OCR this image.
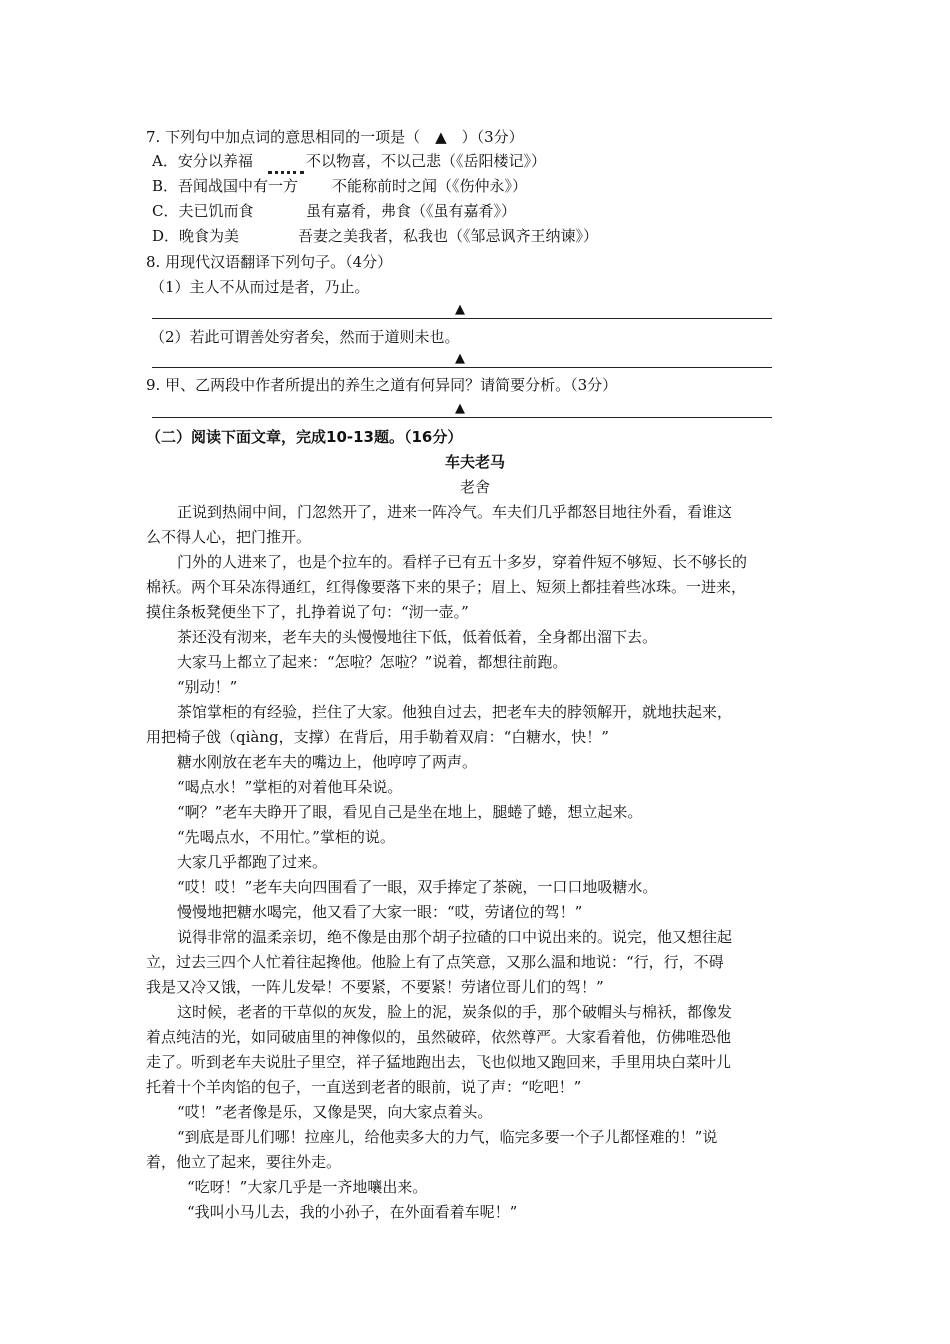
7. 下列句中加点词的意思相同的一项是（　▲　）（3分）
A．安分以养福	不以物喜，不以己悲（《岳阳楼记》）
B．吾闻战国中有一方 不能称前时之闻（《伤仲永》）
C．夫已饥而食	虽有嘉肴，弗食（《虽有嘉肴》）
D．晚食为美	吾妻之美我者，私我也（《邹忌讽齐王纳谏》）
8. 用现代汉语翻译下列句子。（4分）
（1）主人不从而过是者，乃止。
▲
（2）若此可谓善处穷者矣，然而于道则未也。
▲
9. 甲、乙两段中作者所提出的养生之道有何异同？请简要分析。（3分）
▲
（二）阅读下面文章，完成10-13题。（16分）
车夫老马
老舍
正说到热闹中间，门忽然开了，进来一阵冷气。车夫们几乎都怒目地往外看，看谁这
么不得人心，把门推开。
门外的人进来了，也是个拉车的。看样子已有五十多岁，穿着件短不够短、长不够长的
棉袄。两个耳朵冻得通红，红得像要落下来的果子；眉上、短须上都挂着些冰珠。一进来，
摸住条板凳便坐下了，扎挣着说了句：“沏一壶。”
茶还没有沏来，老车夫的头慢慢地往下低，低着低着，全身都出溜下去。
大家马上都立了起来：“怎啦？怎啦？”说着，都想往前跑。
“别动！”
茶馆掌柜的有经验，拦住了大家。他独自过去，把老车夫的脖领解开，就地扶起来，
用把椅子戗（qiàng，支撑）在背后，用手勒着双肩：“白糖水，快！”
糖水刚放在老车夫的嘴边上，他哼哼了两声。
“喝点水！”掌柜的对着他耳朵说。
“啊？”老车夫睁开了眼，看见自己是坐在地上，腿蜷了蜷，想立起来。
“先喝点水，不用忙。”掌柜的说。
大家几乎都跑了过来。
“哎！哎！”老车夫向四围看了一眼，双手捧定了茶碗，一口口地吸糖水。
慢慢地把糖水喝完，他又看了大家一眼：“哎，劳诸位的驾！”
说得非常的温柔亲切，绝不像是由那个胡子拉碴的口中说出来的。说完，他又想往起
立，过去三四个人忙着往起搀他。他脸上有了点笑意，又那么温和地说：“行，行，不碍
我是又冷又饿，一阵儿发晕！不要紧，不要紧！劳诸位哥儿们的驾！”
这时候，老者的干草似的灰发，脸上的泥，炭条似的手，那个破帽头与棉袄，都像发
着点纯洁的光，如同破庙里的神像似的，虽然破碎，依然尊严。大家看着他，仿佛唯恐他
走了。听到老车夫说肚子里空，祥子猛地跑出去，飞也似地又跑回来，手里用块白菜叶儿
托着十个羊肉馅的包子，一直送到老者的眼前，说了声：“吃吧！”
“哎！”老者像是乐，又像是哭，向大家点着头。
“到底是哥儿们哪！拉座儿，给他卖多大的力气，临完多要一个子儿都怪难的！”说
着，他立了起来，要往外走。
“吃呀！”大家几乎是一齐地嚷出来。
“我叫小马儿去，我的小孙子，在外面看着车呢！”
